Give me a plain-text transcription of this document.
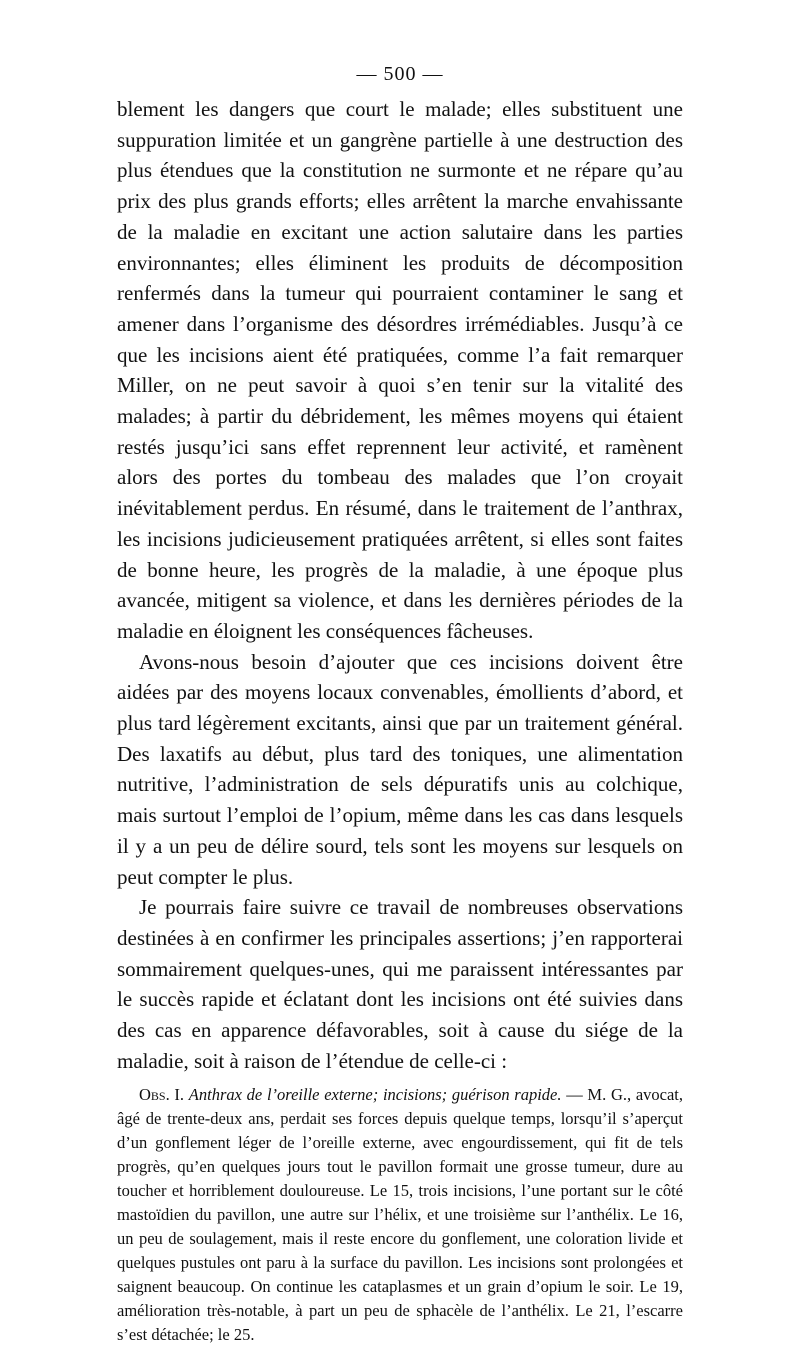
— 500 —

blement les dangers que court le malade; elles substituent une suppuration limitée et un gangrène partielle à une destruction des plus étendues que la constitution ne surmonte et ne répare qu’au prix des plus grands efforts; elles arrêtent la marche envahissante de la maladie en excitant une action salutaire dans les parties environnantes; elles éliminent les produits de décomposition renfermés dans la tumeur qui pourraient contaminer le sang et amener dans l’organisme des désordres irrémédiables. Jusqu’à ce que les incisions aient été pratiquées, comme l’a fait remarquer Miller, on ne peut savoir à quoi s’en tenir sur la vitalité des malades; à partir du débridement, les mêmes moyens qui étaient restés jusqu’ici sans effet reprennent leur activité, et ramènent alors des portes du tombeau des malades que l’on croyait inévitablement perdus. En résumé, dans le traitement de l’anthrax, les incisions judicieusement pratiquées arrêtent, si elles sont faites de bonne heure, les progrès de la maladie, à une époque plus avancée, mitigent sa violence, et dans les dernières périodes de la maladie en éloignent les conséquences fâcheuses.

Avons-nous besoin d’ajouter que ces incisions doivent être aidées par des moyens locaux convenables, émollients d’abord, et plus tard légèrement excitants, ainsi que par un traitement général. Des laxatifs au début, plus tard des toniques, une alimentation nutritive, l’administration de sels dépuratifs unis au colchique, mais surtout l’emploi de l’opium, même dans les cas dans lesquels il y a un peu de délire sourd, tels sont les moyens sur lesquels on peut compter le plus.

Je pourrais faire suivre ce travail de nombreuses observations destinées à en confirmer les principales assertions; j’en rapporterai sommairement quelques-unes, qui me paraissent intéressantes par le succès rapide et éclatant dont les incisions ont été suivies dans des cas en apparence défavorables, soit à cause du siége de la maladie, soit à raison de l’étendue de celle-ci :

Obs. I. Anthrax de l’oreille externe; incisions; guérison rapide. — M. G., avocat, âgé de trente-deux ans, perdait ses forces depuis quelque temps, lorsqu’il s’aperçut d’un gonflement léger de l’oreille externe, avec engourdissement, qui fit de tels progrès, qu’en quelques jours tout le pavillon formait une grosse tumeur, dure au toucher et horriblement douloureuse. Le 15, trois incisions, l’une portant sur le côté mastoïdien du pavillon, une autre sur l’hélix, et une troisième sur l’anthélix. Le 16, un peu de soulagement, mais il reste encore du gonflement, une coloration livide et quelques pustules ont paru à la surface du pavillon. Les incisions sont prolongées et saignent beaucoup. On continue les cataplasmes et un grain d’opium le soir. Le 19, amélioration très-notable, à part un peu de sphacèle de l’anthélix. Le 21, l’escarre s’est détachée; le 25.
